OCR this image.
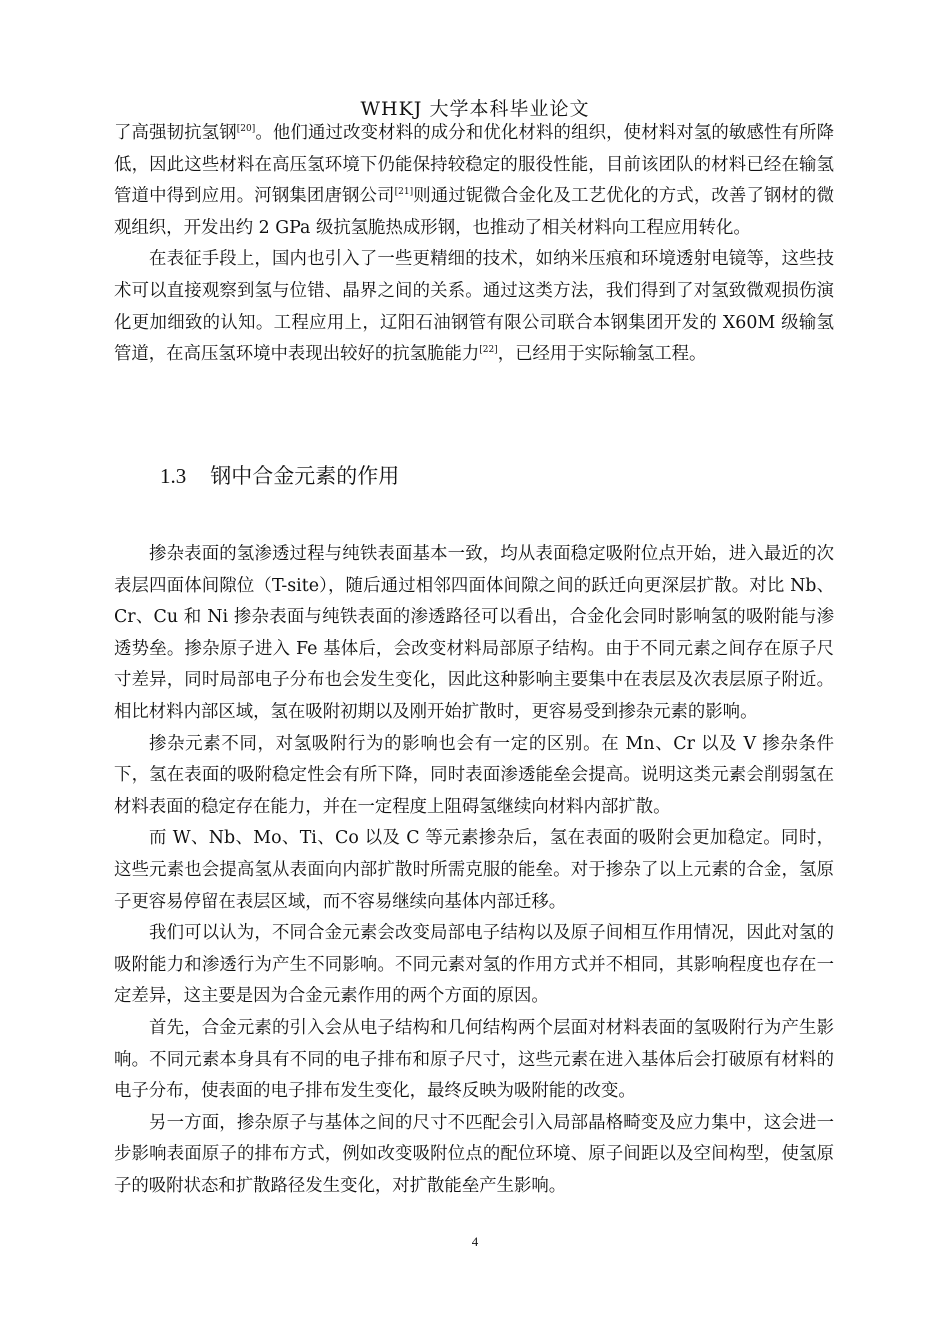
WHKJ 大学本科毕业论文

了高强韧抗氢钢[20]。他们通过改变材料的成分和优化材料的组织，使材料对氢的敏感性有所降低，因此这些材料在高压氢环境下仍能保持较稳定的服役性能，目前该团队的材料已经在输氢管道中得到应用。河钢集团唐钢公司[21]则通过铌微合金化及工艺优化的方式，改善了钢材的微观组织，开发出约 2 GPa 级抗氢脆热成形钢，也推动了相关材料向工程应用转化。

在表征手段上，国内也引入了一些更精细的技术，如纳米压痕和环境透射电镜等，这些技术可以直接观察到氢与位错、晶界之间的关系。通过这类方法，我们得到了对氢致微观损伤演化更加细致的认知。工程应用上，辽阳石油钢管有限公司联合本钢集团开发的 X60M 级输氢管道，在高压氢环境中表现出较好的抗氢脆能力[22]，已经用于实际输氢工程。

1.3 钢中合金元素的作用

掺杂表面的氢渗透过程与纯铁表面基本一致，均从表面稳定吸附位点开始，进入最近的次表层四面体间隙位（T-site），随后通过相邻四面体间隙之间的跃迁向更深层扩散。对比 Nb、Cr、Cu 和 Ni 掺杂表面与纯铁表面的渗透路径可以看出，合金化会同时影响氢的吸附能与渗透势垒。掺杂原子进入 Fe 基体后，会改变材料局部原子结构。由于不同元素之间存在原子尺寸差异，同时局部电子分布也会发生变化，因此这种影响主要集中在表层及次表层原子附近。相比材料内部区域，氢在吸附初期以及刚开始扩散时，更容易受到掺杂元素的影响。

掺杂元素不同，对氢吸附行为的影响也会有一定的区别。在 Mn、Cr 以及 V 掺杂条件下，氢在表面的吸附稳定性会有所下降，同时表面渗透能垒会提高。说明这类元素会削弱氢在材料表面的稳定存在能力，并在一定程度上阻碍氢继续向材料内部扩散。

而 W、Nb、Mo、Ti、Co 以及 C 等元素掺杂后，氢在表面的吸附会更加稳定。同时，这些元素也会提高氢从表面向内部扩散时所需克服的能垒。对于掺杂了以上元素的合金，氢原子更容易停留在表层区域，而不容易继续向基体内部迁移。

我们可以认为，不同合金元素会改变局部电子结构以及原子间相互作用情况，因此对氢的吸附能力和渗透行为产生不同影响。不同元素对氢的作用方式并不相同，其影响程度也存在一定差异，这主要是因为合金元素作用的两个方面的原因。

首先，合金元素的引入会从电子结构和几何结构两个层面对材料表面的氢吸附行为产生影响。不同元素本身具有不同的电子排布和原子尺寸，这些元素在进入基体后会打破原有材料的电子分布，使表面的电子排布发生变化，最终反映为吸附能的改变。

另一方面，掺杂原子与基体之间的尺寸不匹配会引入局部晶格畸变及应力集中，这会进一步影响表面原子的排布方式，例如改变吸附位点的配位环境、原子间距以及空间构型，使氢原子的吸附状态和扩散路径发生变化，对扩散能垒产生影响。

4
